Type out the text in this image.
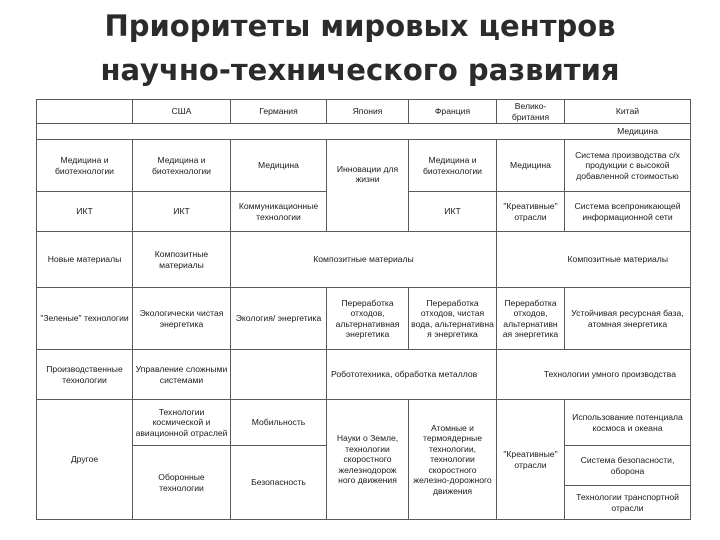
Приоритеты мировых центров
научно-технического развития
	США	Германия	Япония	Франция	Велико-британия	Китай
Медицина						
Медицина и биотехнологии	Медицина и биотехнологии	Медицина	Инновации для жизни	Медицина и биотехнологии	Медицина	Система производства с/х продукции с высокой добавленной стоимостью
ИКТ	ИКТ	Коммуникационные технологии		ИКТ	"Креативные" отрасли	Система всепроникающей информационной сети
Новые материалы	Композитные материалы	Композитные материалы			Композитные материалы	
"Зеленые" технологии	Экологически чистая энергетика	Экология/ энергетика	Переработка отходов, альтернативная энергетика	Переработка отходов, чистая вода, альтернативна я энергетика	Переработка отходов, альтернативн ая энергетика	Устойчивая ресурсная база, атомная энергетика
Производственные технологии	Управление сложными системами		Робототехника, обработка металлов		Технологии умного производства	
Другое	Технологии космической и авиационной отраслей	Мобильность	Науки о Земле, технологии скоростного железнодорож ного движения	Атомные и термоядерные технологии, технологии скоростного железно-дорожного движения	"Креативные" отрасли	Использование потенциала космоса и океана
	Оборонные технологии	Безопасность				Система безопасности, оборона
						Технологии транспортной отрасли
